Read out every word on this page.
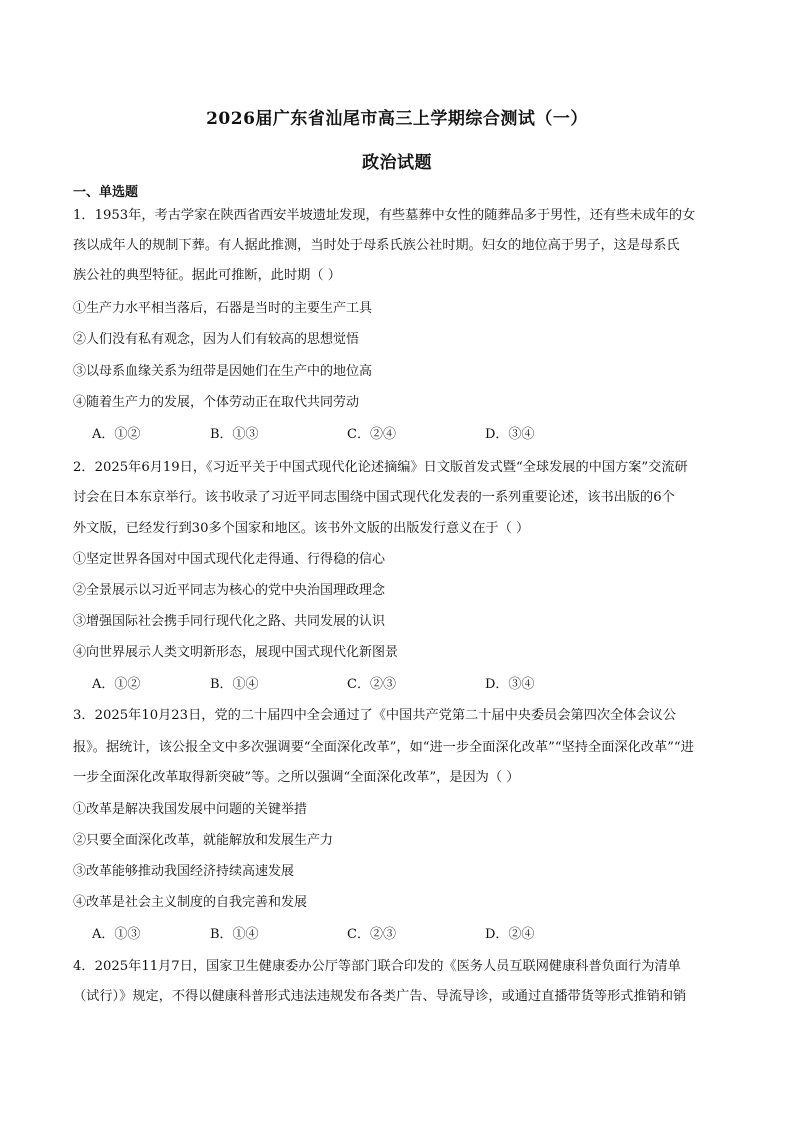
2026届广东省汕尾市高三上学期综合测试（一）
政治试题
一、单选题
1．1953年，考古学家在陕西省西安半坡遗址发现，有些墓葬中女性的随葬品多于男性，还有些未成年的女
孩以成年人的规制下葬。有人据此推测，当时处于母系氏族公社时期。妇女的地位高于男子，这是母系氏
族公社的典型特征。据此可推断，此时期（ ）
①生产力水平相当落后，石器是当时的主要生产工具
②人们没有私有观念，因为人们有较高的思想觉悟
③以母系血缘关系为纽带是因她们在生产中的地位高
④随着生产力的发展，个体劳动正在取代共同劳动
A．①②	B．①③	C．②④	D．③④
2．2025年6月19日，《习近平关于中国式现代化论述摘编》日文版首发式暨“全球发展的中国方案”交流研
讨会在日本东京举行。该书收录了习近平同志围绕中国式现代化发表的一系列重要论述，该书出版的6个
外文版，已经发行到30多个国家和地区。该书外文版的出版发行意义在于（ ）
①坚定世界各国对中国式现代化走得通、行得稳的信心
②全景展示以习近平同志为核心的党中央治国理政理念
③增强国际社会携手同行现代化之路、共同发展的认识
④向世界展示人类文明新形态，展现中国式现代化新图景
A．①②	B．①④	C．②③	D．③④
3．2025年10月23日，党的二十届四中全会通过了《中国共产党第二十届中央委员会第四次全体会议公
报》。据统计，该公报全文中多次强调要“全面深化改革”，如“进一步全面深化改革”“坚持全面深化改革”“进
一步全面深化改革取得新突破”等。之所以强调“全面深化改革”，是因为（ ）
①改革是解决我国发展中问题的关键举措
②只要全面深化改革，就能解放和发展生产力
③改革能够推动我国经济持续高速发展
④改革是社会主义制度的自我完善和发展
A．①③	B．①④	C．②③	D．②④
4．2025年11月7日，国家卫生健康委办公厅等部门联合印发的《医务人员互联网健康科普负面行为清单
（试行）》规定，不得以健康科普形式违法违规发布各类广告、导流导诊，或通过直播带货等形式推销和销
